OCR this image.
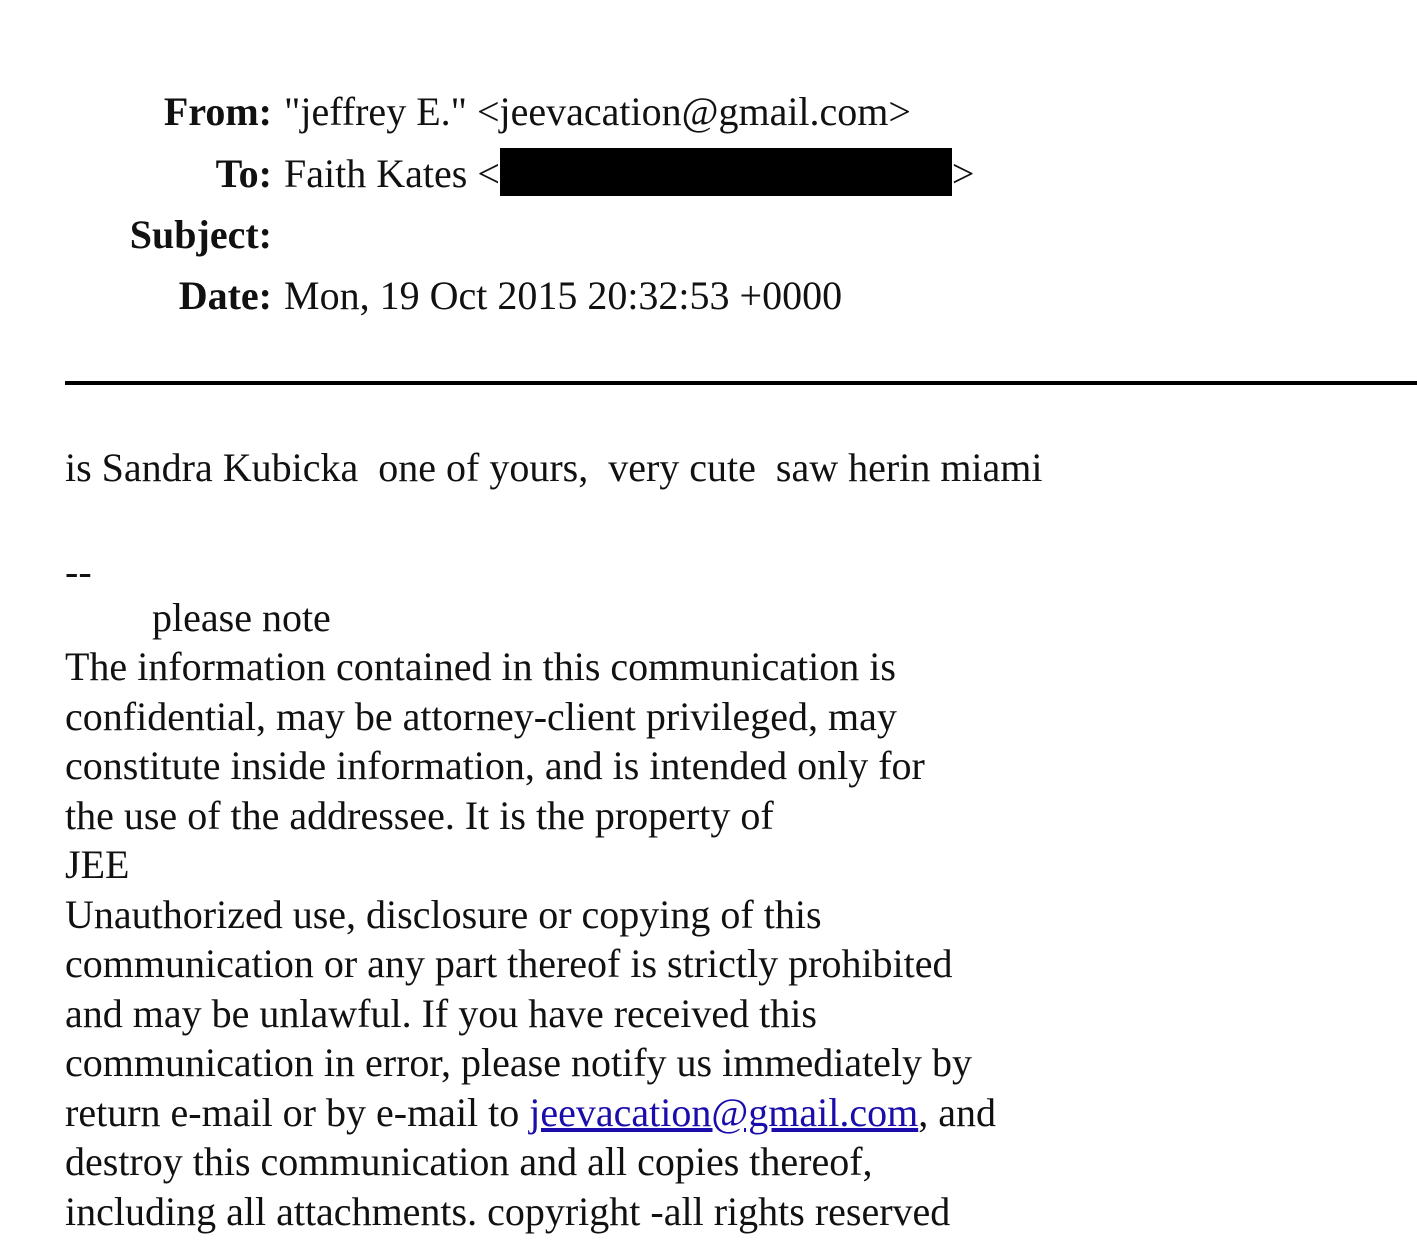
From: "jeffrey E." <jeevacation@gmail.com>
To: Faith Kates <	>
Subject:
Date: Mon, 19 Oct 2015 20:32:53 +0000
is Sandra Kubicka  one of yours,  very cute  saw herin miami
--
please note
The information contained in this communication is
confidential, may be attorney-client privileged, may
constitute inside information, and is intended only for
the use of the addressee. It is the property of
JEE
Unauthorized use, disclosure or copying of this
communication or any part thereof is strictly prohibited
and may be unlawful. If you have received this
communication in error, please notify us immediately by
return e-mail or by e-mail to jeevacation@gmail.com, and
destroy this communication and all copies thereof,
including all attachments. copyright -all rights reserved
